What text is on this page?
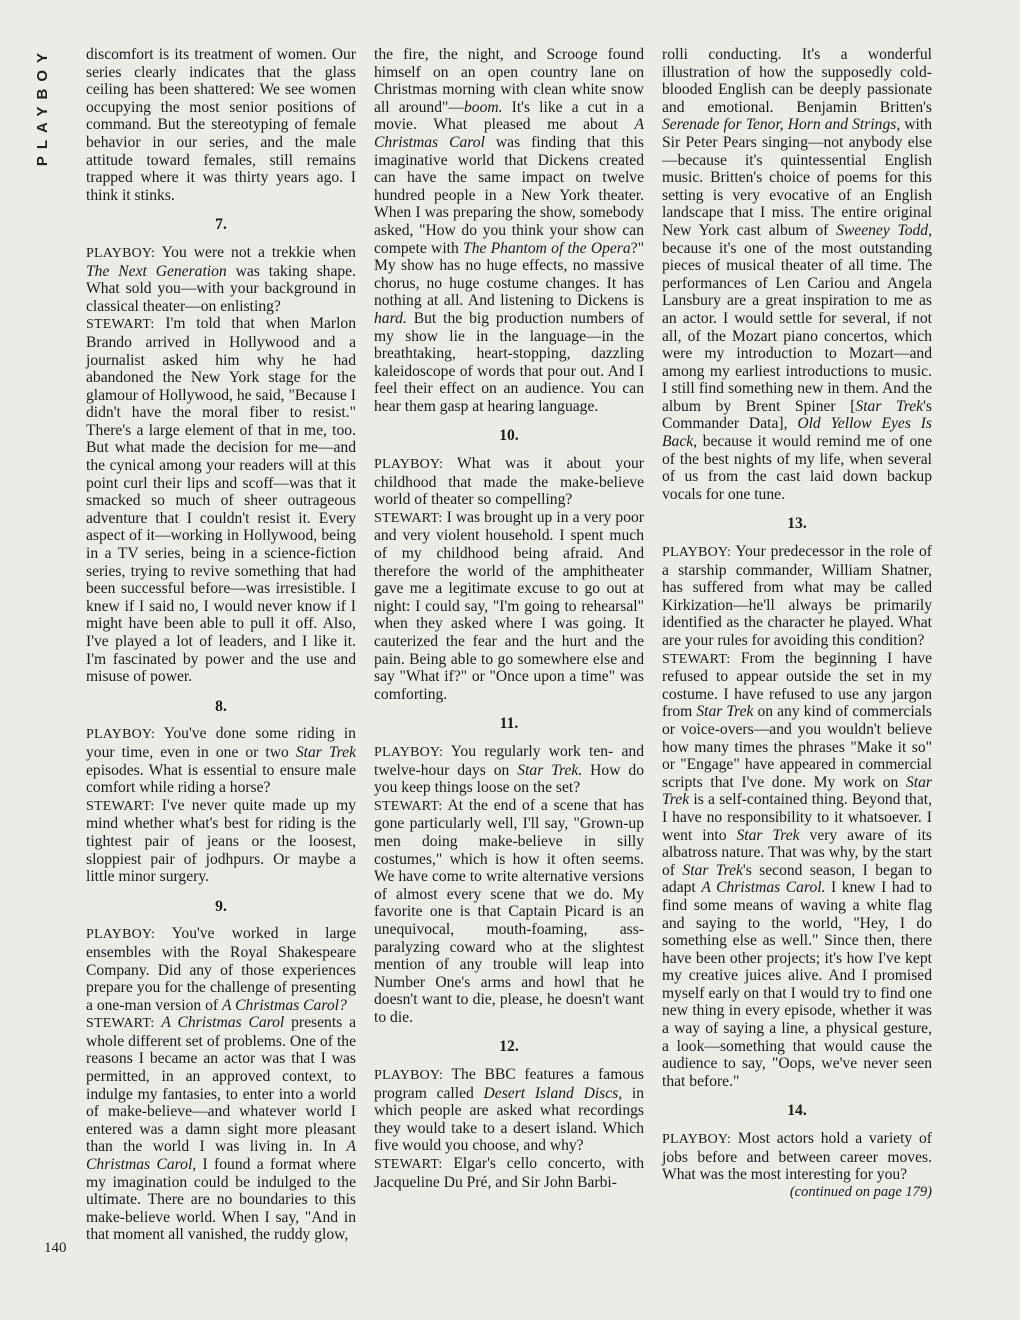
PLAYBOY
140

discomfort is its treatment of women. Our series clearly indicates that the glass ceiling has been shattered: We see women occupying the most senior positions of command. But the stereotyping of female behavior in our series, and the male attitude toward females, still remains trapped where it was thirty years ago. I think it stinks.

7.

PLAYBOY: You were not a trekkie when The Next Generation was taking shape. What sold you—with your background in classical theater—on enlisting?

STEWART: I'm told that when Marlon Brando arrived in Hollywood and a journalist asked him why he had abandoned the New York stage for the glamour of Hollywood, he said, "Because I didn't have the moral fiber to resist." There's a large element of that in me, too. But what made the decision for me—and the cynical among your readers will at this point curl their lips and scoff—was that it smacked so much of sheer outrageous adventure that I couldn't resist it. Every aspect of it—working in Hollywood, being in a TV series, being in a science-fiction series, trying to revive something that had been successful before—was irresistible. I knew if I said no, I would never know if I might have been able to pull it off. Also, I've played a lot of leaders, and I like it. I'm fascinated by power and the use and misuse of power.

8.

PLAYBOY: You've done some riding in your time, even in one or two Star Trek episodes. What is essential to ensure male comfort while riding a horse?

STEWART: I've never quite made up my mind whether what's best for riding is the tightest pair of jeans or the loosest, sloppiest pair of jodhpurs. Or maybe a little minor surgery.

9.

PLAYBOY: You've worked in large ensembles with the Royal Shakespeare Company. Did any of those experiences prepare you for the challenge of presenting a one-man version of A Christmas Carol?

STEWART: A Christmas Carol presents a whole different set of problems. One of the reasons I became an actor was that I was permitted, in an approved context, to indulge my fantasies, to enter into a world of make-believe—and whatever world I entered was a damn sight more pleasant than the world I was living in. In A Christmas Carol, I found a format where my imagination could be indulged to the ultimate. There are no boundaries to this make-believe world. When I say, "And in that moment all vanished, the ruddy glow,

the fire, the night, and Scrooge found himself on an open country lane on Christmas morning with clean white snow all around"—boom. It's like a cut in a movie. What pleased me about A Christmas Carol was finding that this imaginative world that Dickens created can have the same impact on twelve hundred people in a New York theater. When I was preparing the show, somebody asked, "How do you think your show can compete with The Phantom of the Opera?" My show has no huge effects, no massive chorus, no huge costume changes. It has nothing at all. And listening to Dickens is hard. But the big production numbers of my show lie in the language—in the breathtaking, heart-stopping, dazzling kaleidoscope of words that pour out. And I feel their effect on an audience. You can hear them gasp at hearing language.

10.

PLAYBOY: What was it about your childhood that made the make-believe world of theater so compelling?

STEWART: I was brought up in a very poor and very violent household. I spent much of my childhood being afraid. And therefore the world of the amphitheater gave me a legitimate excuse to go out at night: I could say, "I'm going to rehearsal" when they asked where I was going. It cauterized the fear and the hurt and the pain. Being able to go somewhere else and say "What if?" or "Once upon a time" was comforting.

11.

PLAYBOY: You regularly work ten- and twelve-hour days on Star Trek. How do you keep things loose on the set?

STEWART: At the end of a scene that has gone particularly well, I'll say, "Grown-up men doing make-believe in silly costumes," which is how it often seems. We have come to write alternative versions of almost every scene that we do. My favorite one is that Captain Picard is an unequivocal, mouth-foaming, ass-paralyzing coward who at the slightest mention of any trouble will leap into Number One's arms and howl that he doesn't want to die, please, he doesn't want to die.

12.

PLAYBOY: The BBC features a famous program called Desert Island Discs, in which people are asked what recordings they would take to a desert island. Which five would you choose, and why?

STEWART: Elgar's cello concerto, with Jacqueline Du Pré, and Sir John Barbi-

rolli conducting. It's a wonderful illustration of how the supposedly cold-blooded English can be deeply passionate and emotional. Benjamin Britten's Serenade for Tenor, Horn and Strings, with Sir Peter Pears singing—not anybody else—because it's quintessential English music. Britten's choice of poems for this setting is very evocative of an English landscape that I miss. The entire original New York cast album of Sweeney Todd, because it's one of the most outstanding pieces of musical theater of all time. The performances of Len Cariou and Angela Lansbury are a great inspiration to me as an actor. I would settle for several, if not all, of the Mozart piano concertos, which were my introduction to Mozart—and among my earliest introductions to music. I still find something new in them. And the album by Brent Spiner [Star Trek's Commander Data], Old Yellow Eyes Is Back, because it would remind me of one of the best nights of my life, when several of us from the cast laid down backup vocals for one tune.

13.

PLAYBOY: Your predecessor in the role of a starship commander, William Shatner, has suffered from what may be called Kirkization—he'll always be primarily identified as the character he played. What are your rules for avoiding this condition?

STEWART: From the beginning I have refused to appear outside the set in my costume. I have refused to use any jargon from Star Trek on any kind of commercials or voice-overs—and you wouldn't believe how many times the phrases "Make it so" or "Engage" have appeared in commercial scripts that I've done. My work on Star Trek is a self-contained thing. Beyond that, I have no responsibility to it whatsoever. I went into Star Trek very aware of its albatross nature. That was why, by the start of Star Trek's second season, I began to adapt A Christmas Carol. I knew I had to find some means of waving a white flag and saying to the world, "Hey, I do something else as well." Since then, there have been other projects; it's how I've kept my creative juices alive. And I promised myself early on that I would try to find one new thing in every episode, whether it was a way of saying a line, a physical gesture, a look—something that would cause the audience to say, "Oops, we've never seen that before."

14.

PLAYBOY: Most actors hold a variety of jobs before and between career moves. What was the most interesting for you?

(continued on page 179)
